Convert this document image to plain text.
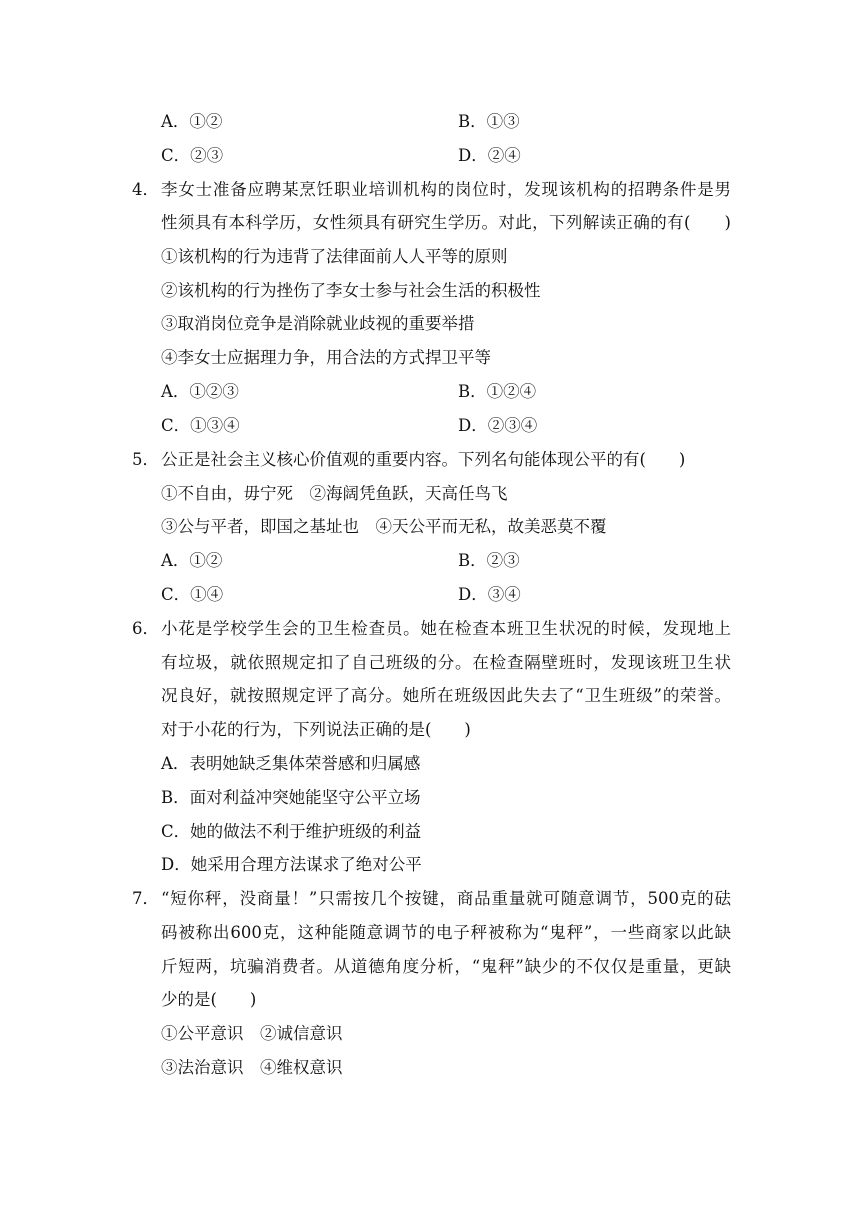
A．①②	B．①③
C．②③	D．②④
4． 李女士准备应聘某烹饪职业培训机构的岗位时，发现该机构的招聘条件是男
性须具有本科学历，女性须具有研究生学历。对此，下列解读正确的有(　　)
①该机构的行为违背了法律面前人人平等的原则
②该机构的行为挫伤了李女士参与社会生活的积极性
③取消岗位竞争是消除就业歧视的重要举措
④李女士应据理力争，用合法的方式捍卫平等
A．①②③	B．①②④
C．①③④	D．②③④
5． 公正是社会主义核心价值观的重要内容。下列名句能体现公平的有(　　)
①不自由，毋宁死　②海阔凭鱼跃，天高任鸟飞
③公与平者，即国之基址也　④天公平而无私，故美恶莫不覆
A．①②	B．②③
C．①④	D．③④
6． 小花是学校学生会的卫生检查员。她在检查本班卫生状况的时候，发现地上
有垃圾，就依照规定扣了自己班级的分。在检查隔壁班时，发现该班卫生状
况良好，就按照规定评了高分。她所在班级因此失去了“卫生班级”的荣誉。
对于小花的行为，下列说法正确的是(　　)
A．表明她缺乏集体荣誉感和归属感
B．面对利益冲突她能坚守公平立场
C．她的做法不利于维护班级的利益
D．她采用合理方法谋求了绝对公平
7． “短你秤，没商量！”只需按几个按键，商品重量就可随意调节，500克的砝
码被称出600克，这种能随意调节的电子秤被称为“鬼秤”，一些商家以此缺
斤短两，坑骗消费者。从道德角度分析，“鬼秤”缺少的不仅仅是重量，更缺
少的是(　　)
①公平意识　②诚信意识
③法治意识　④维权意识
